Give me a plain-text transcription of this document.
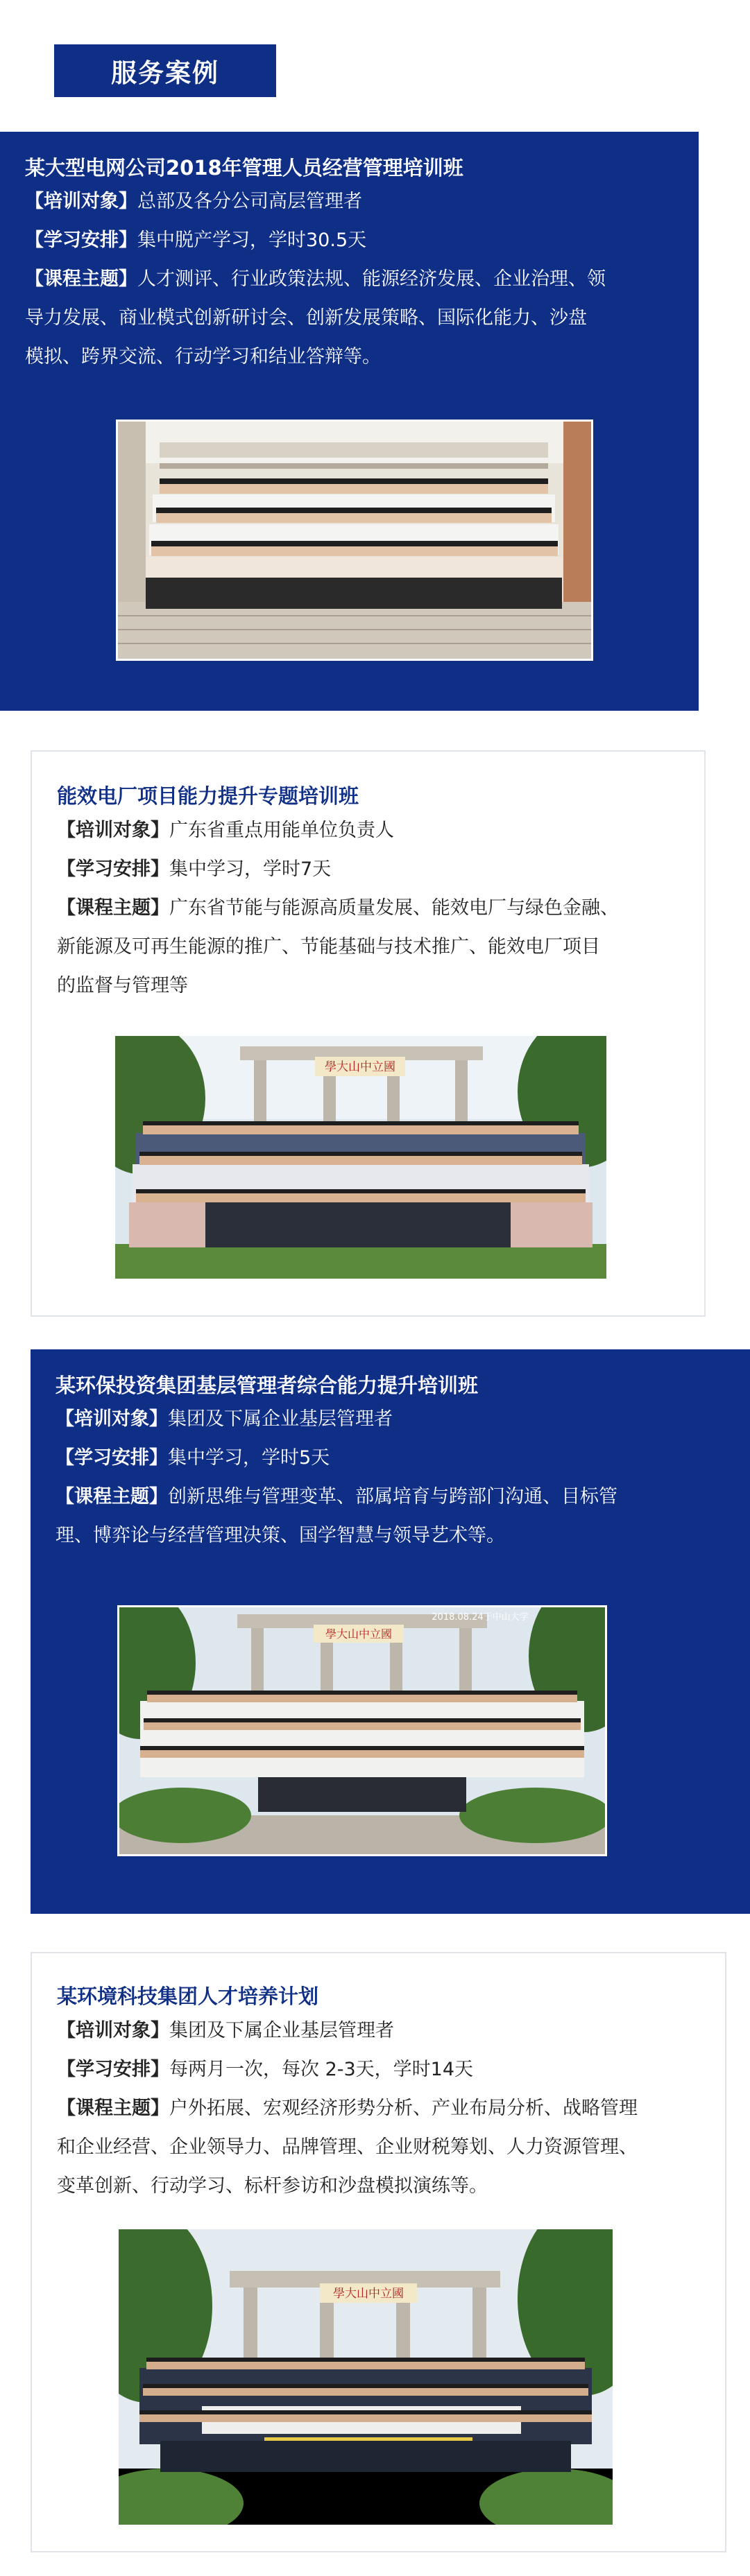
服务案例
某大型电网公司2018年管理人员经营管理培训班
【培训对象】总部及各分公司高层管理者
【学习安排】集中脱产学习，学时30.5天
【课程主题】人才测评、行业政策法规、能源经济发展、企业治理、领
导力发展、商业模式创新研讨会、创新发展策略、国际化能力、沙盘
模拟、跨界交流、行动学习和结业答辩等。
能效电厂项目能力提升专题培训班
【培训对象】广东省重点用能单位负责人
【学习安排】集中学习，学时7天
【课程主题】广东省节能与能源高质量发展、能效电厂与绿色金融、
新能源及可再生能源的推广、节能基础与技术推广、能效电厂项目
的监督与管理等
學大山中立國
某环保投资集团基层管理者综合能力提升培训班
【培训对象】集团及下属企业基层管理者
【学习安排】集中学习，学时5天
【课程主题】创新思维与管理变革、部属培育与跨部门沟通、目标管
理、博弈论与经营管理决策、国学智慧与领导艺术等。
學大山中立國
2018.08.24于中山大学
某环境科技集团人才培养计划
【培训对象】集团及下属企业基层管理者
【学习安排】每两月一次，每次 2-3天，学时14天
【课程主题】户外拓展、宏观经济形势分析、产业布局分析、战略管理
和企业经营、企业领导力、品牌管理、企业财税筹划、人力资源管理、
变革创新、行动学习、标杆参访和沙盘模拟演练等。
學大山中立國
